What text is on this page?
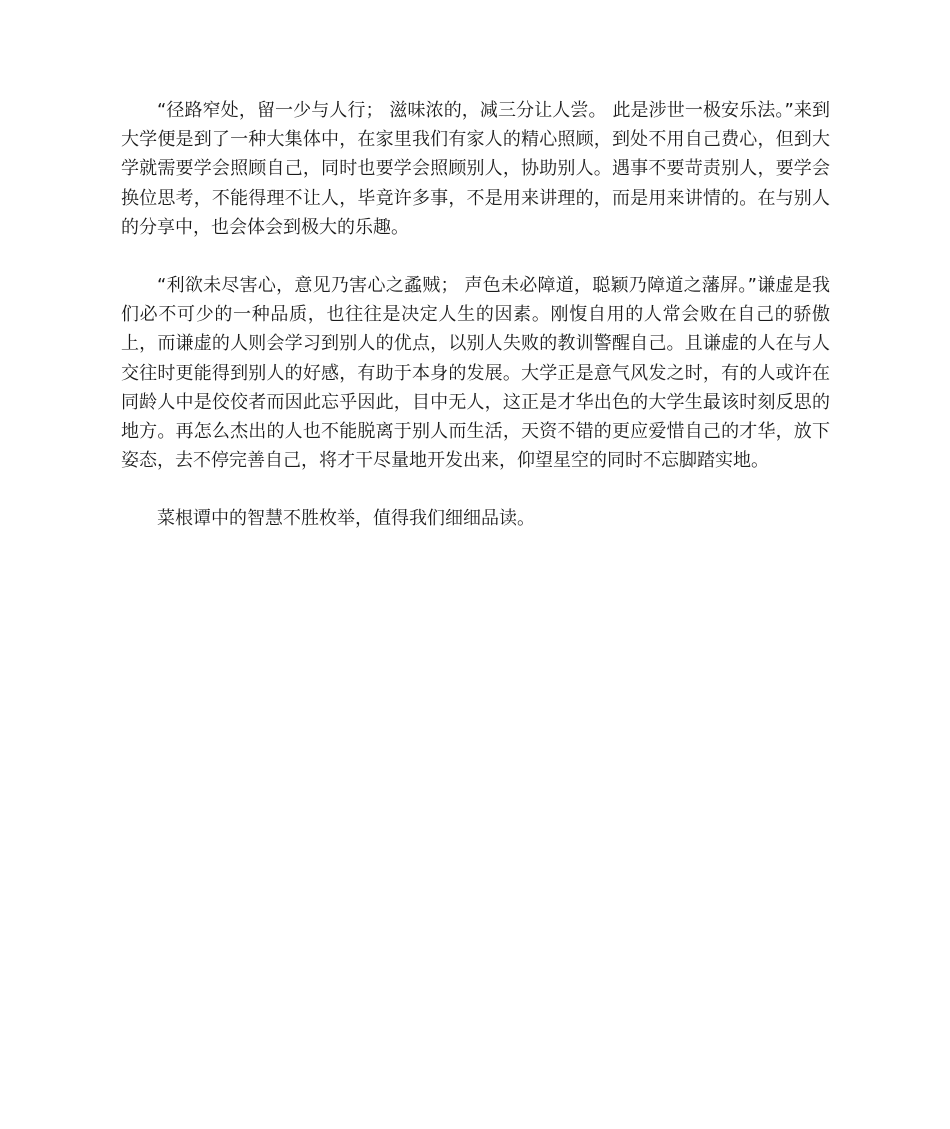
“径路窄处，留一少与人行； 滋味浓的，减三分让人尝。 此是涉世一极安乐法。”来到大学便是到了一种大集体中，在家里我们有家人的精心照顾，到处不用自己费心，但到大学就需要学会照顾自己，同时也要学会照顾别人，协助别人。遇事不要苛责别人，要学会换位思考，不能得理不让人，毕竟许多事，不是用来讲理的，而是用来讲情的。在与别人的分享中，也会体会到极大的乐趣。

“利欲未尽害心，意见乃害心之蟊贼； 声色未必障道，聪颖乃障道之藩屏。”谦虚是我们必不可少的一种品质，也往往是决定人生的因素。刚愎自用的人常会败在自己的骄傲上，而谦虚的人则会学习到别人的优点，以别人失败的教训警醒自己。且谦虚的人在与人交往时更能得到别人的好感，有助于本身的发展。大学正是意气风发之时，有的人或许在同龄人中是佼佼者而因此忘乎因此，目中无人，这正是才华出色的大学生最该时刻反思的地方。再怎么杰出的人也不能脱离于别人而生活，天资不错的更应爱惜自己的才华，放下姿态，去不停完善自己，将才干尽量地开发出来，仰望星空的同时不忘脚踏实地。

菜根谭中的智慧不胜枚举，值得我们细细品读。
